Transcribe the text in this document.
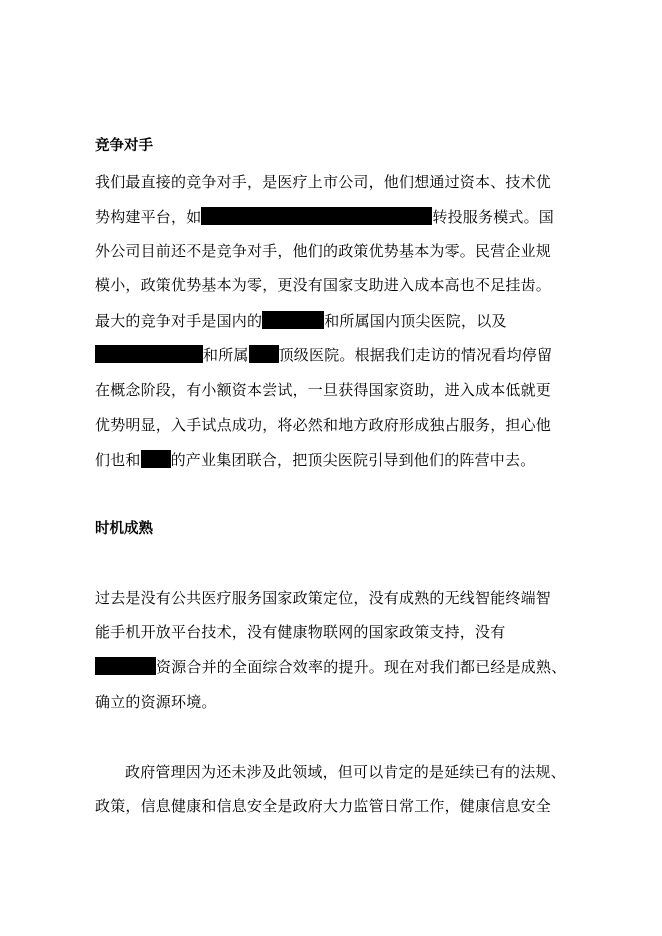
竞争对手
我们最直接的竞争对手，是医疗上市公司，他们想通过资本、技术优
势构建平台，如	转投服务模式。国
外公司目前还不是竞争对手，他们的政策优势基本为零。民营企业规
模小，政策优势基本为零，更没有国家支助进入成本高也不足挂齿。
最大的竞争对手是国内的	和所属国内顶尖医院，以及
和所属 顶级医院。根据我们走访的情况看均停留
在概念阶段，有小额资本尝试，一旦获得国家资助，进入成本低就更
优势明显，入手试点成功，将必然和地方政府形成独占服务，担心他
们也和 的产业集团联合，把顶尖医院引导到他们的阵营中去。
时机成熟
过去是没有公共医疗服务国家政策定位，没有成熟的无线智能终端智
能手机开放平台技术，没有健康物联网的国家政策支持，没有
资源合并的全面综合效率的提升。现在对我们都已经是成熟、
确立的资源环境。
政府管理因为还未涉及此领域，但可以肯定的是延续已有的法规、
政策，信息健康和信息安全是政府大力监管日常工作，健康信息安全
